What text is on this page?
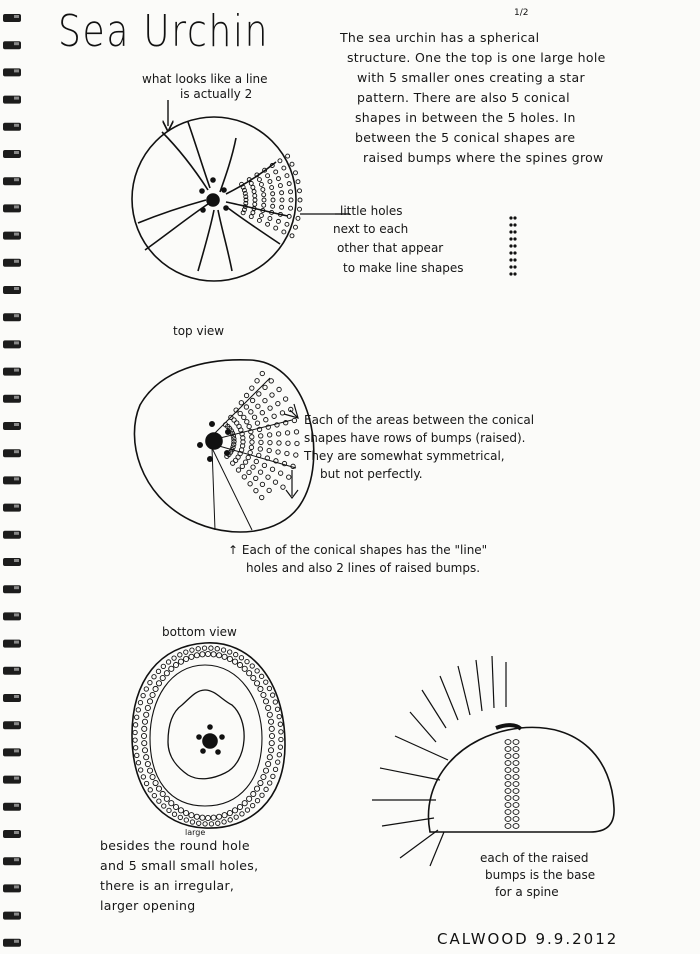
Sea Urchin	1/2
The sea urchin has a spherical
structure. One the top is one large hole
with 5 smaller ones creating a star
pattern. There are also 5 conical
shapes in between the 5 holes. In
between the 5 conical shapes are
raised bumps where the spines grow
what looks like a line
is actually 2
little holes
next to each
other that appear
to make line shapes
top view
Each of the areas between the conical
shapes have rows of bumps (raised).
They are somewhat symmetrical,
but not perfectly.
↑ Each of the conical shapes has the "line"
holes and also 2 lines of raised bumps.
bottom view
large
besides the round hole
and 5 small small holes,
there is an irregular,
larger opening
each of the raised
bumps is the base
for a spine
CALWOOD 9.9.2012
